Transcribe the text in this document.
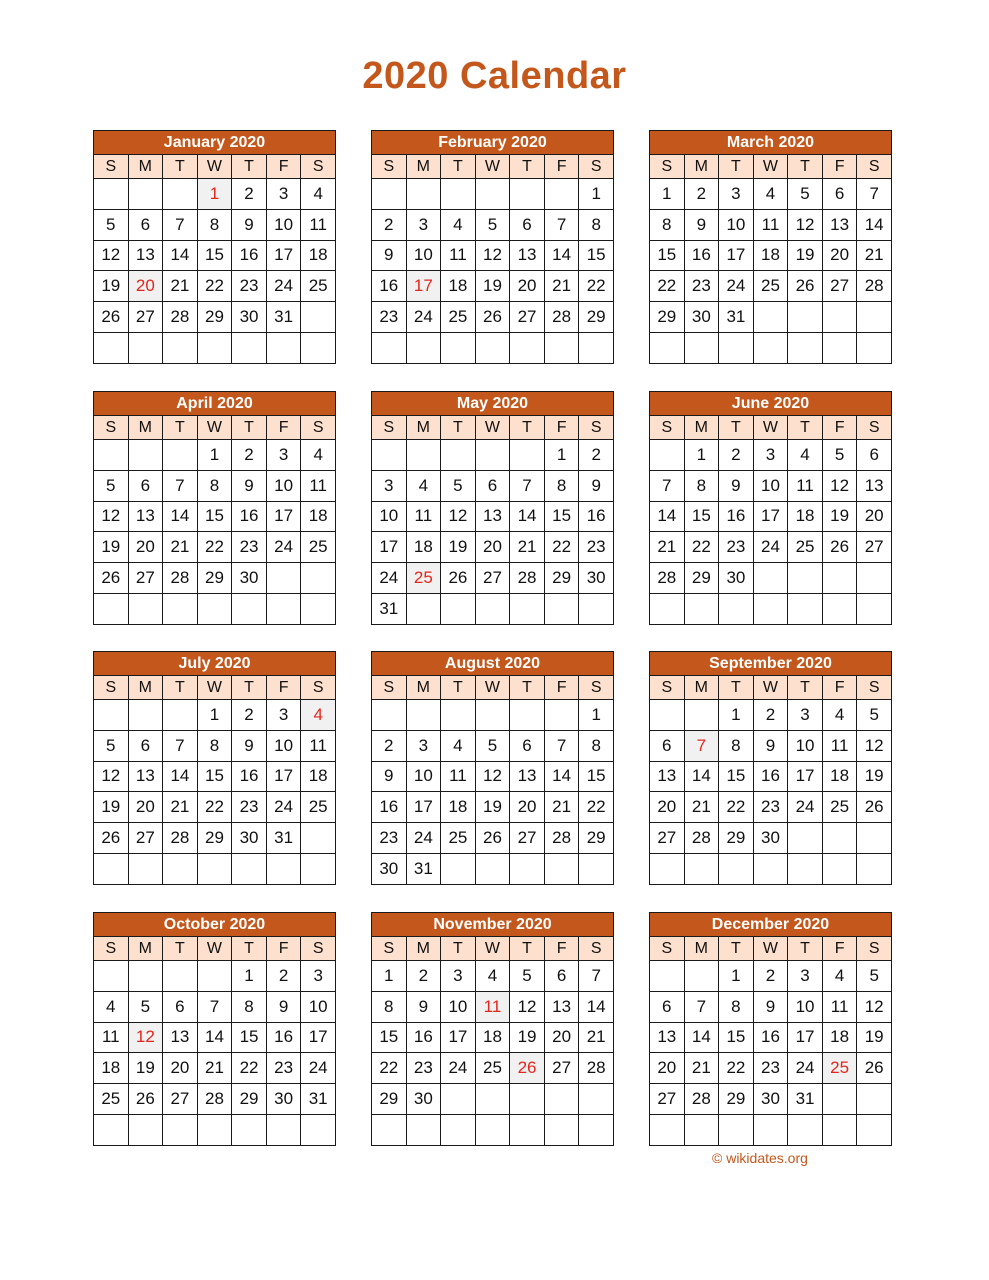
2020 Calendar
January 2020						
S	M	T	W	T	F	S
			1	2	3	4
5	6	7	8	9	10	11
12	13	14	15	16	17	18
19	20	21	22	23	24	25
26	27	28	29	30	31	

February 2020						
S	M	T	W	T	F	S
						1
2	3	4	5	6	7	8
9	10	11	12	13	14	15
16	17	18	19	20	21	22
23	24	25	26	27	28	29

March 2020						
S	M	T	W	T	F	S
1	2	3	4	5	6	7
8	9	10	11	12	13	14
15	16	17	18	19	20	21
22	23	24	25	26	27	28
29	30	31				

April 2020						
S	M	T	W	T	F	S
			1	2	3	4
5	6	7	8	9	10	11
12	13	14	15	16	17	18
19	20	21	22	23	24	25
26	27	28	29	30		

May 2020						
S	M	T	W	T	F	S
					1	2
3	4	5	6	7	8	9
10	11	12	13	14	15	16
17	18	19	20	21	22	23
24	25	26	27	28	29	30
31						
June 2020						
S	M	T	W	T	F	S
	1	2	3	4	5	6
7	8	9	10	11	12	13
14	15	16	17	18	19	20
21	22	23	24	25	26	27
28	29	30				

July 2020						
S	M	T	W	T	F	S
			1	2	3	4
5	6	7	8	9	10	11
12	13	14	15	16	17	18
19	20	21	22	23	24	25
26	27	28	29	30	31	

August 2020						
S	M	T	W	T	F	S
						1
2	3	4	5	6	7	8
9	10	11	12	13	14	15
16	17	18	19	20	21	22
23	24	25	26	27	28	29
30	31					
September 2020						
S	M	T	W	T	F	S
		1	2	3	4	5
6	7	8	9	10	11	12
13	14	15	16	17	18	19
20	21	22	23	24	25	26
27	28	29	30			

October 2020						
S	M	T	W	T	F	S
				1	2	3
4	5	6	7	8	9	10
11	12	13	14	15	16	17
18	19	20	21	22	23	24
25	26	27	28	29	30	31

November 2020						
S	M	T	W	T	F	S
1	2	3	4	5	6	7
8	9	10	11	12	13	14
15	16	17	18	19	20	21
22	23	24	25	26	27	28
29	30					

December 2020						
S	M	T	W	T	F	S
		1	2	3	4	5
6	7	8	9	10	11	12
13	14	15	16	17	18	19
20	21	22	23	24	25	26
27	28	29	30	31		

© wikidates.org
